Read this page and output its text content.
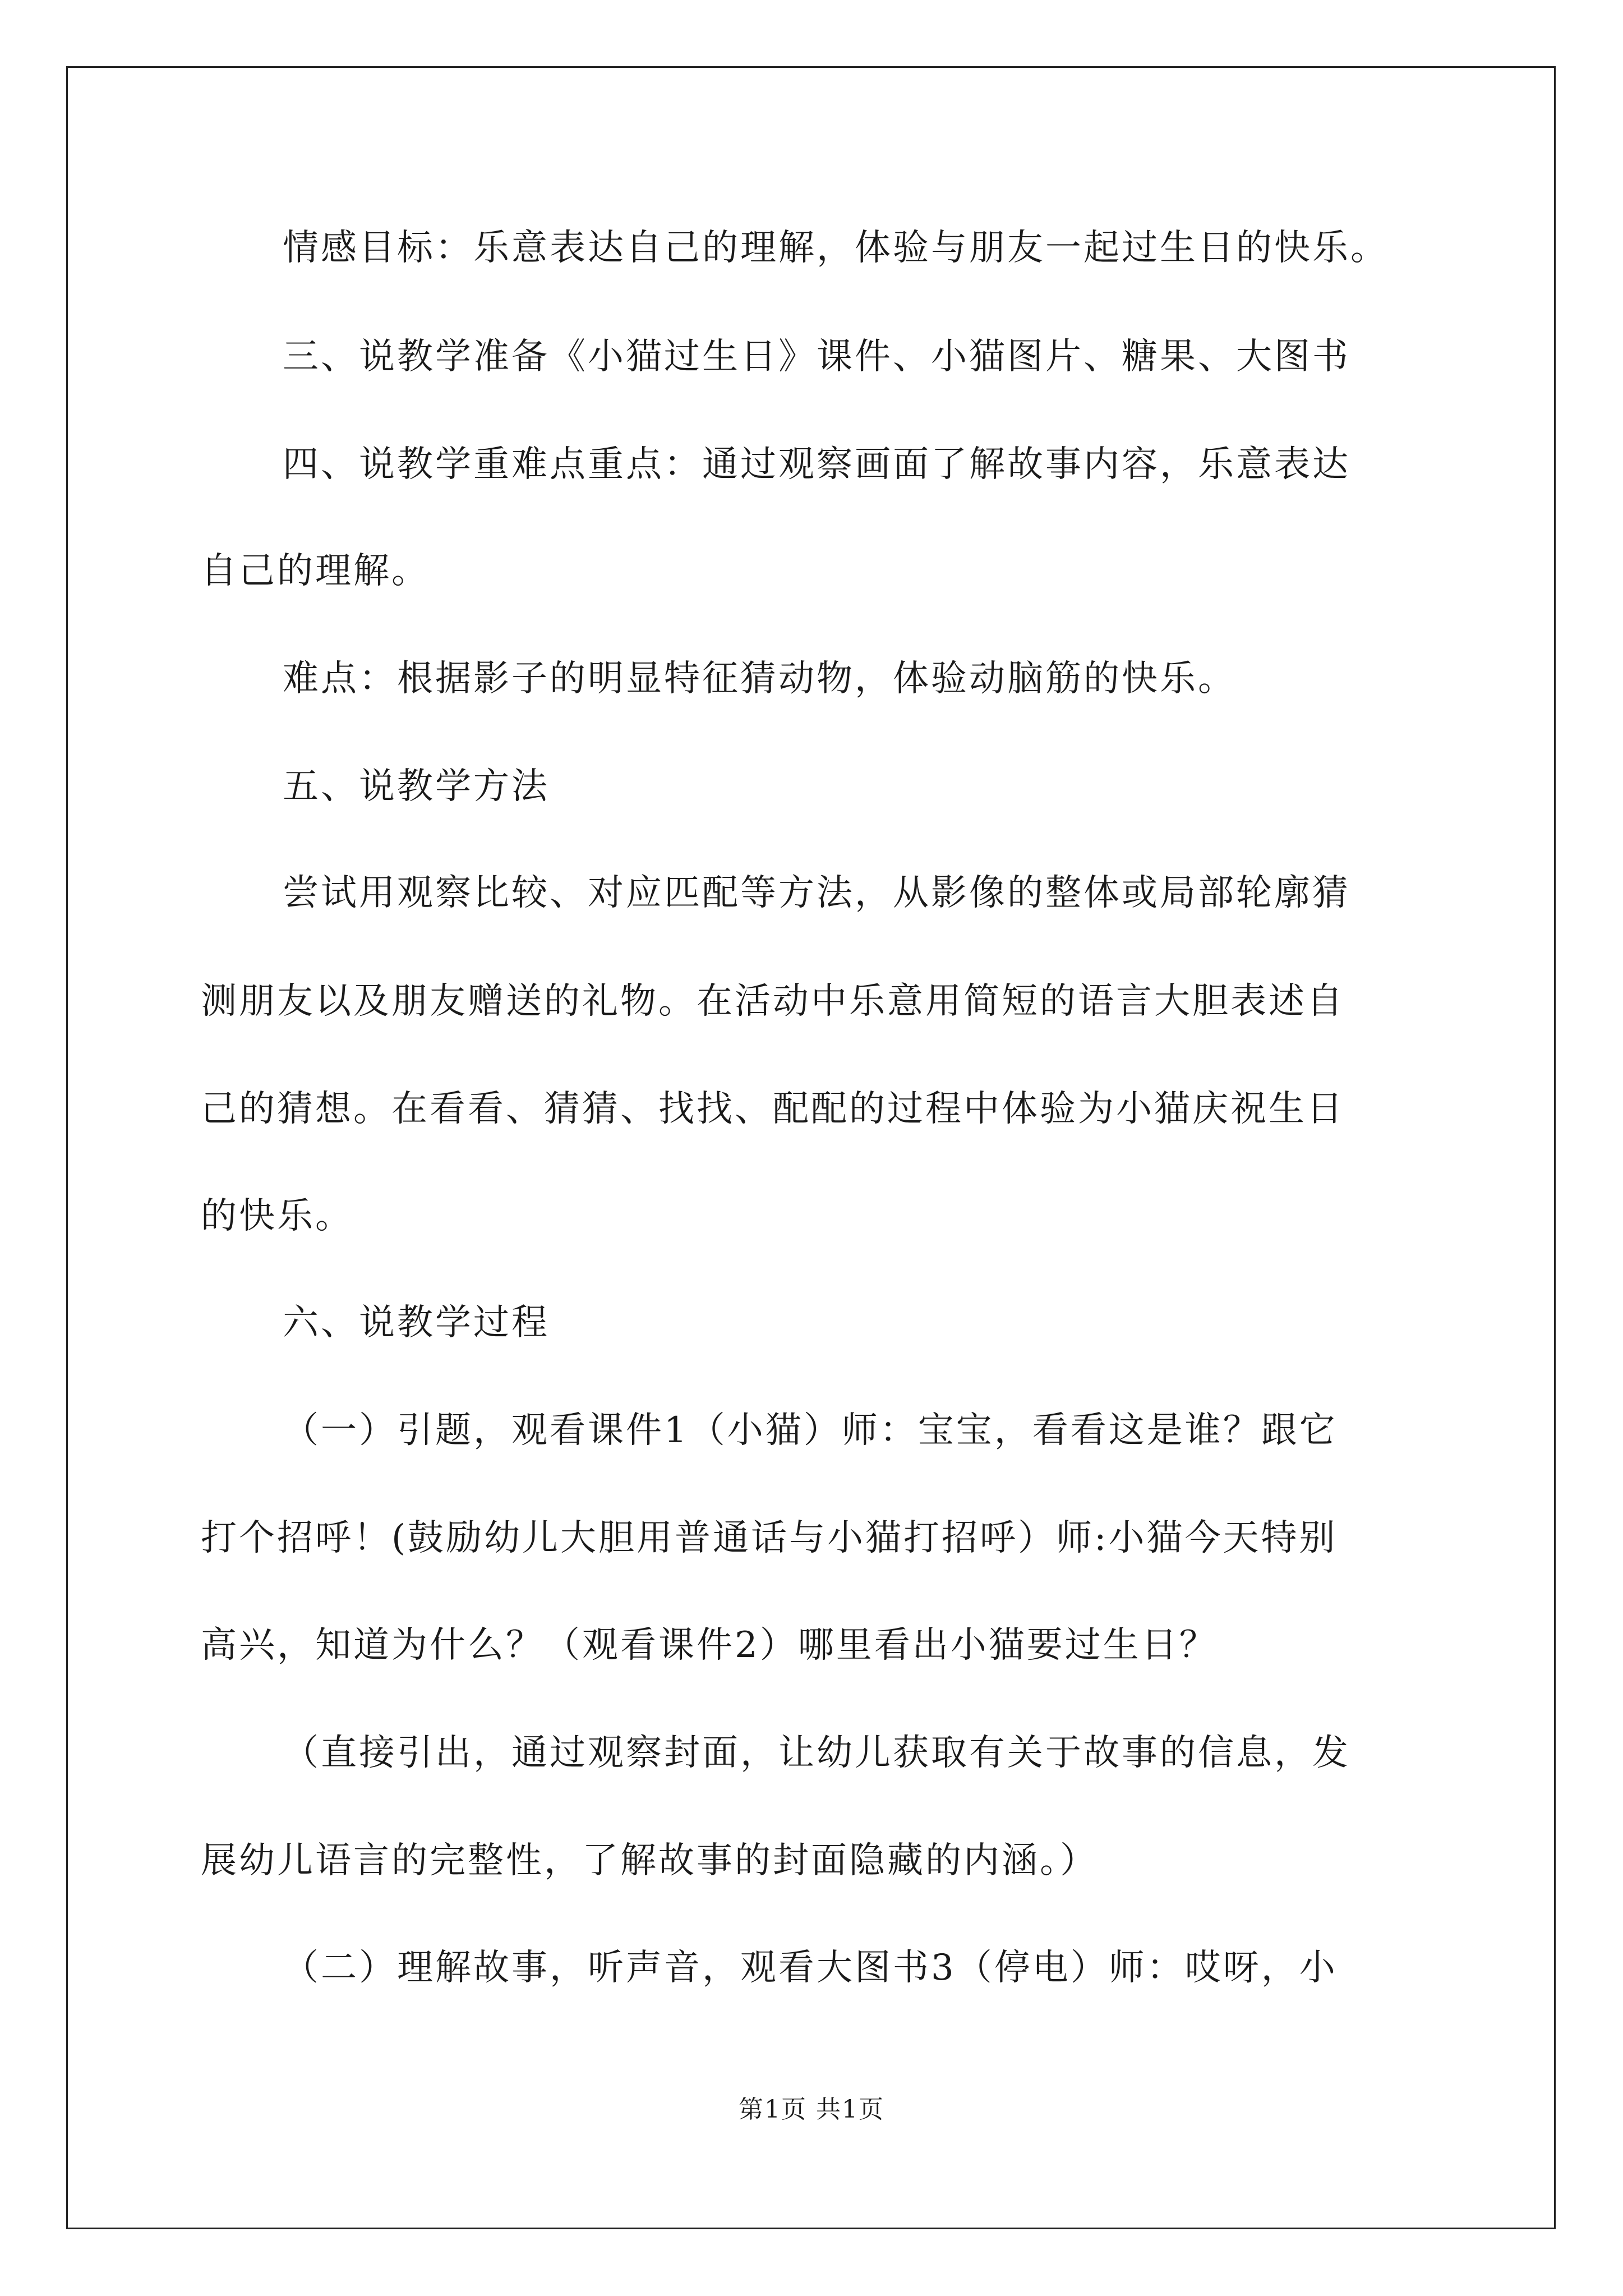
情感目标：乐意表达自己的理解，体验与朋友一起过生日的快乐。
三、说教学准备《小猫过生日》课件、小猫图片、糖果、大图书
四、说教学重难点重点：通过观察画面了解故事内容，乐意表达
自己的理解。
难点：根据影子的明显特征猜动物，体验动脑筋的快乐。
五、说教学方法
尝试用观察比较、对应匹配等方法，从影像的整体或局部轮廓猜
测朋友以及朋友赠送的礼物。在活动中乐意用简短的语言大胆表述自
己的猜想。在看看、猜猜、找找、配配的过程中体验为小猫庆祝生日
的快乐。
六、说教学过程
（一）引题，观看课件1（小猫）师：宝宝，看看这是谁？跟它
打个招呼！(鼓励幼儿大胆用普通话与小猫打招呼）师:小猫今天特别
高兴，知道为什么？（观看课件2）哪里看出小猫要过生日？
（直接引出，通过观察封面，让幼儿获取有关于故事的信息，发
展幼儿语言的完整性，了解故事的封面隐藏的内涵。）
（二）理解故事，听声音，观看大图书3（停电）师：哎呀，小
第1页 共1页
